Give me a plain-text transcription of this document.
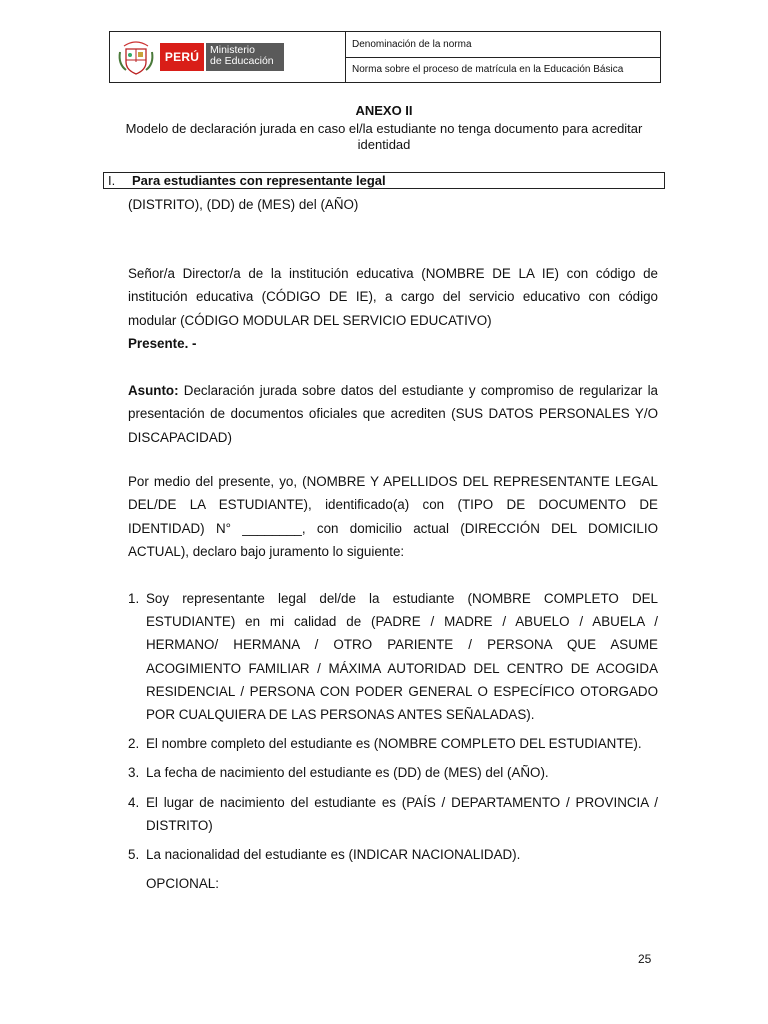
PERÚ	Ministerio
de Educación
Denominación de la norma
Norma sobre el proceso de matrícula en la Educación Básica
ANEXO II
Modelo de declaración jurada en caso el/la estudiante no tenga documento para acreditar identidad
I.	Para estudiantes con representante legal
(DISTRITO), (DD) de (MES) del (AÑO)
Señor/a Director/a de la institución educativa (NOMBRE DE LA IE) con código de institución educativa (CÓDIGO DE IE), a cargo del servicio educativo con código modular (CÓDIGO MODULAR DEL SERVICIO EDUCATIVO)
Presente. -
Asunto: Declaración jurada sobre datos del estudiante y compromiso de regularizar la presentación de documentos oficiales que acrediten (SUS DATOS PERSONALES Y/O DISCAPACIDAD)
Por medio del presente, yo, (NOMBRE Y APELLIDOS DEL REPRESENTANTE LEGAL DEL/DE LA ESTUDIANTE), identificado(a) con (TIPO DE DOCUMENTO DE IDENTIDAD) N° ________, con domicilio actual (DIRECCIÓN DEL DOMICILIO ACTUAL), declaro bajo juramento lo siguiente:
1. Soy representante legal del/de la estudiante (NOMBRE COMPLETO DEL ESTUDIANTE) en mi calidad de (PADRE / MADRE / ABUELO / ABUELA / HERMANO/ HERMANA / OTRO PARIENTE / PERSONA QUE ASUME ACOGIMIENTO FAMILIAR / MÁXIMA AUTORIDAD DEL CENTRO DE ACOGIDA RESIDENCIAL / PERSONA CON PODER GENERAL O ESPECÍFICO OTORGADO POR CUALQUIERA DE LAS PERSONAS ANTES SEÑALADAS).
2. El nombre completo del estudiante es (NOMBRE COMPLETO DEL ESTUDIANTE).
3. La fecha de nacimiento del estudiante es (DD) de (MES) del (AÑO).
4. El lugar de nacimiento del estudiante es (PAÍS / DEPARTAMENTO / PROVINCIA / DISTRITO)
5. La nacionalidad del estudiante es (INDICAR NACIONALIDAD).
OPCIONAL:
25
